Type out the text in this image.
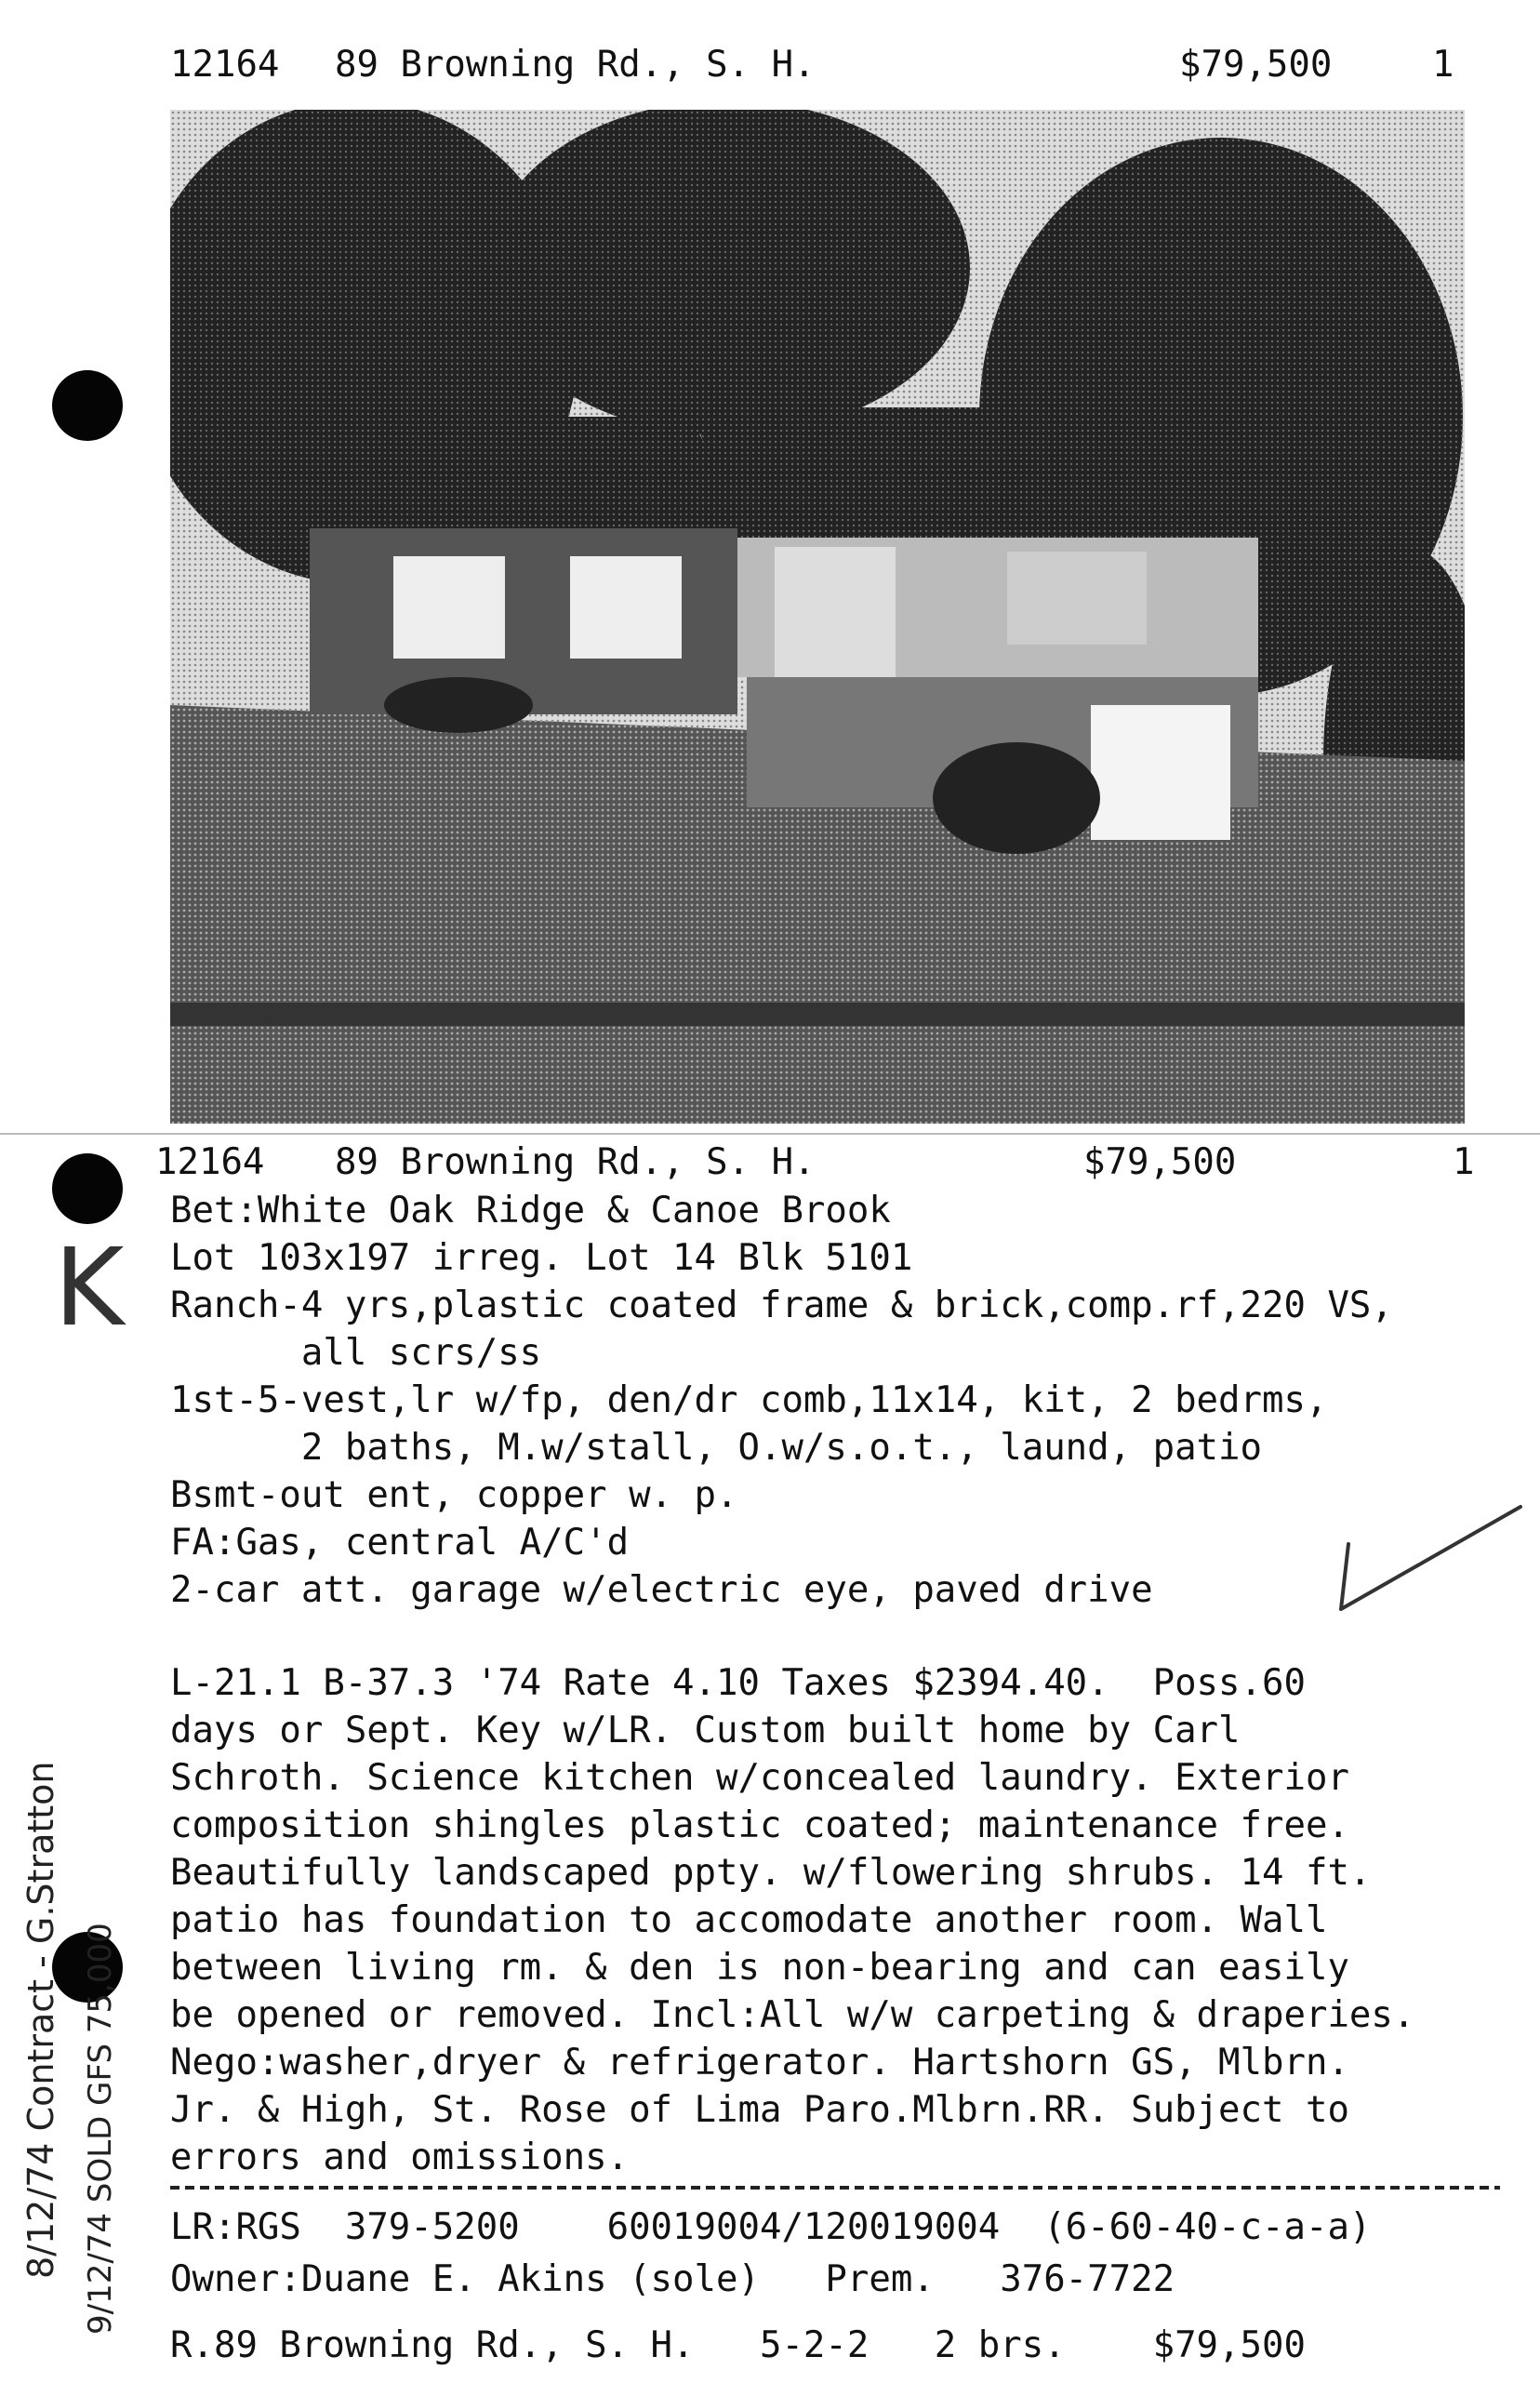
12164 89 Browning Rd., S. H.	$79,500	1
K
8/12/74 Contract - G.Stratton 9/12/74 SOLD GFS 75,000
12164 89 Browning Rd., S. H.	$79,500	1
Bet:White Oak Ridge & Canoe Brook
Lot 103x197 irreg. Lot 14 Blk 5101
Ranch-4 yrs,plastic coated frame & brick,comp.rf,220 VS,
all scrs/ss
1st-5-vest,lr w/fp, den/dr comb,11x14, kit, 2 bedrms,
2 baths, M.w/stall, O.w/s.o.t., laund, patio
Bsmt-out ent, copper w. p.
FA:Gas, central A/C'd
2-car att. garage w/electric eye, paved drive
L-21.1 B-37.3 '74 Rate 4.10 Taxes $2394.40.  Poss.60
days or Sept. Key w/LR. Custom built home by Carl
Schroth. Science kitchen w/concealed laundry. Exterior
composition shingles plastic coated; maintenance free.
Beautifully landscaped ppty. w/flowering shrubs. 14 ft.
patio has foundation to accomodate another room. Wall
between living rm. & den is non-bearing and can easily
be opened or removed. Incl:All w/w carpeting & draperies.
Nego:washer,dryer & refrigerator. Hartshorn GS, Mlbrn.
Jr. & High, St. Rose of Lima Paro.Mlbrn.RR. Subject to
errors and omissions.
LR:RGS  379-5200    60019004/120019004  (6-60-40-c-a-a)
Owner:Duane E. Akins (sole)   Prem.   376-7722
R.89 Browning Rd., S. H.   5-2-2   2 brs.    $79,500
